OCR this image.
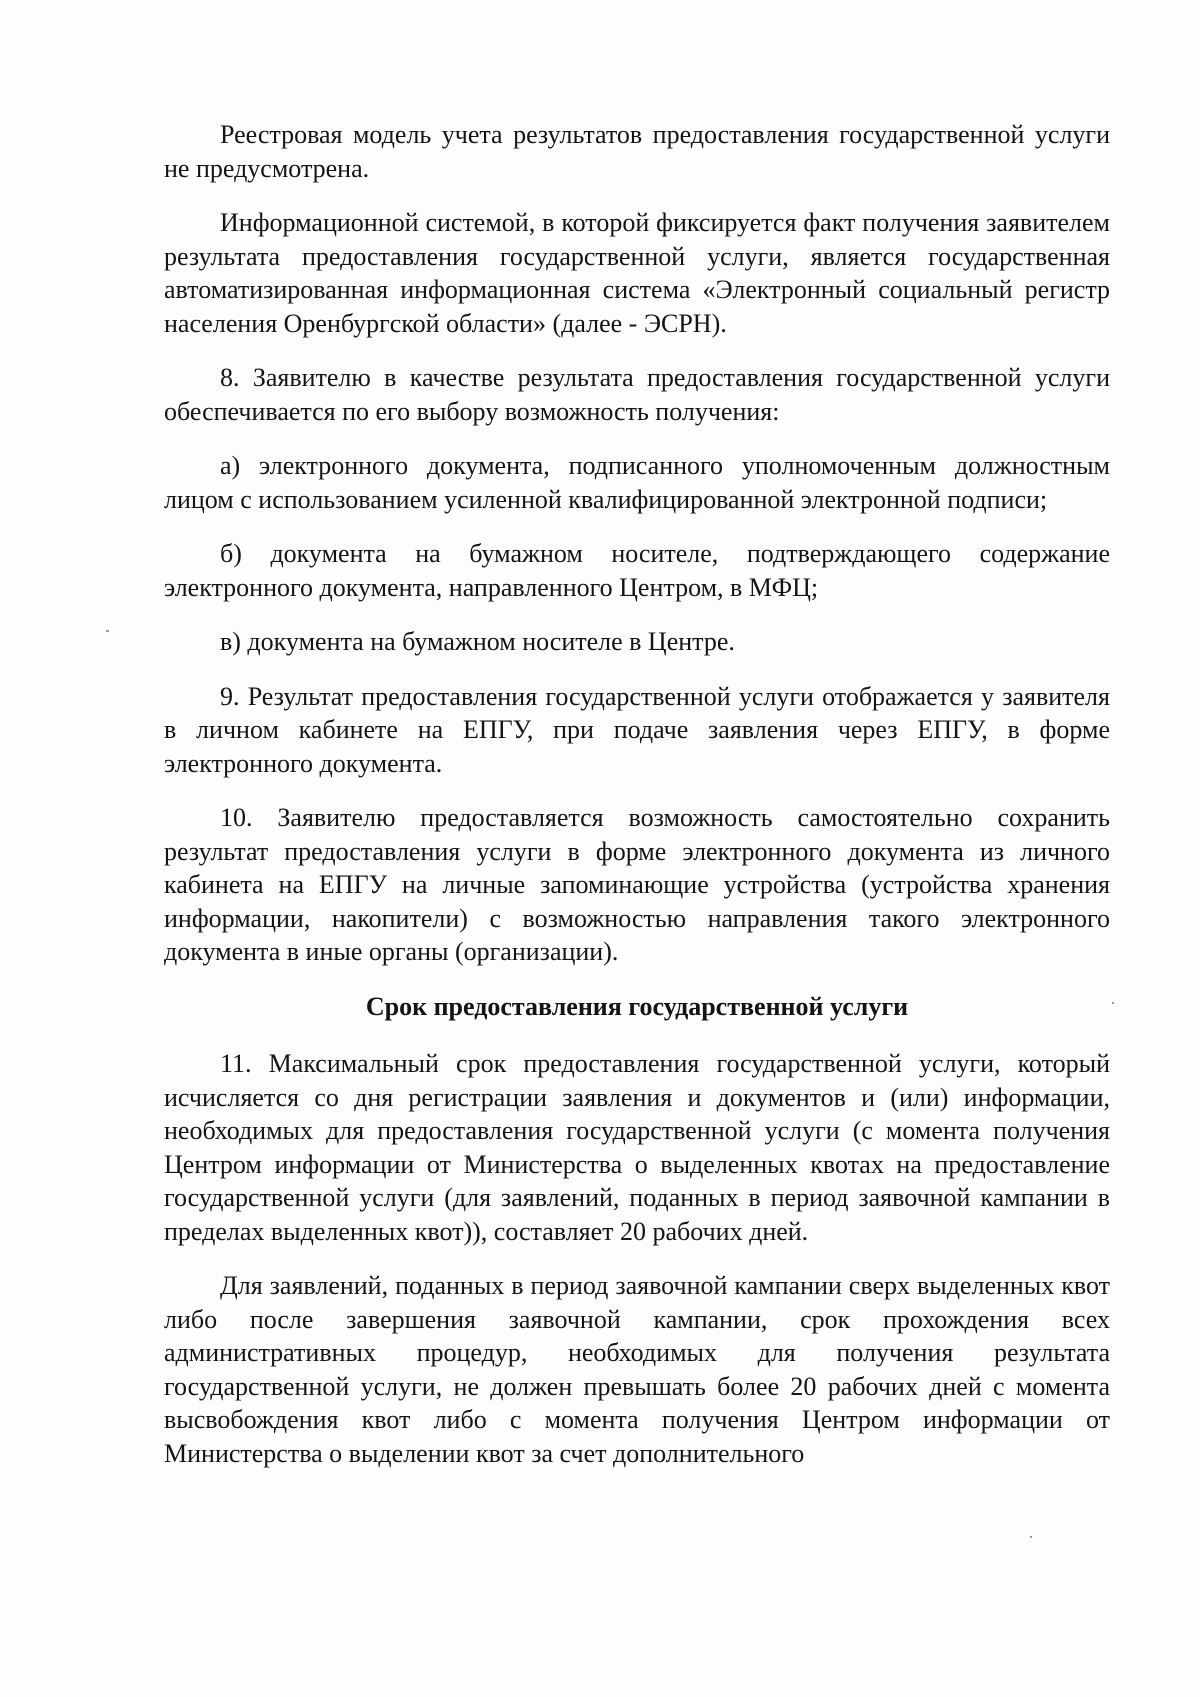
Реестровая модель учета результатов предоставления государственной услуги не предусмотрена.

Информационной системой, в которой фиксируется факт получения заявителем результата предоставления государственной услуги, является государственная автоматизированная информационная система «Электронный социальный регистр населения Оренбургской области» (далее - ЭСРН).

8. Заявителю в качестве результата предоставления государственной услуги обеспечивается по его выбору возможность получения:

а) электронного документа, подписанного уполномоченным должностным лицом с использованием усиленной квалифицированной электронной подписи;

б) документа на бумажном носителе, подтверждающего содержание электронного документа, направленного Центром, в МФЦ;

в) документа на бумажном носителе в Центре.

9. Результат предоставления государственной услуги отображается у заявителя в личном кабинете на ЕПГУ, при подаче заявления через ЕПГУ, в форме электронного документа.

10. Заявителю предоставляется возможность самостоятельно сохранить результат предоставления услуги в форме электронного документа из личного кабинета на ЕПГУ на личные запоминающие устройства (устройства хранения информации, накопители) с возможностью направления такого электронного документа в иные органы (организации).

Срок предоставления государственной услуги

11. Максимальный срок предоставления государственной услуги, который исчисляется со дня регистрации заявления и документов и (или) информации, необходимых для предоставления государственной услуги (с момента получения Центром информации от Министерства о выделенных квотах на предоставление государственной услуги (для заявлений, поданных в период заявочной кампании в пределах выделенных квот)), составляет 20 рабочих дней.

Для заявлений, поданных в период заявочной кампании сверх выделенных квот либо после завершения заявочной кампании, срок прохождения всех административных процедур, необходимых для получения результата государственной услуги, не должен превышать более 20 рабочих дней с момента высвобождения квот либо с момента получения Центром информации от Министерства о выделении квот за счет дополнительного
